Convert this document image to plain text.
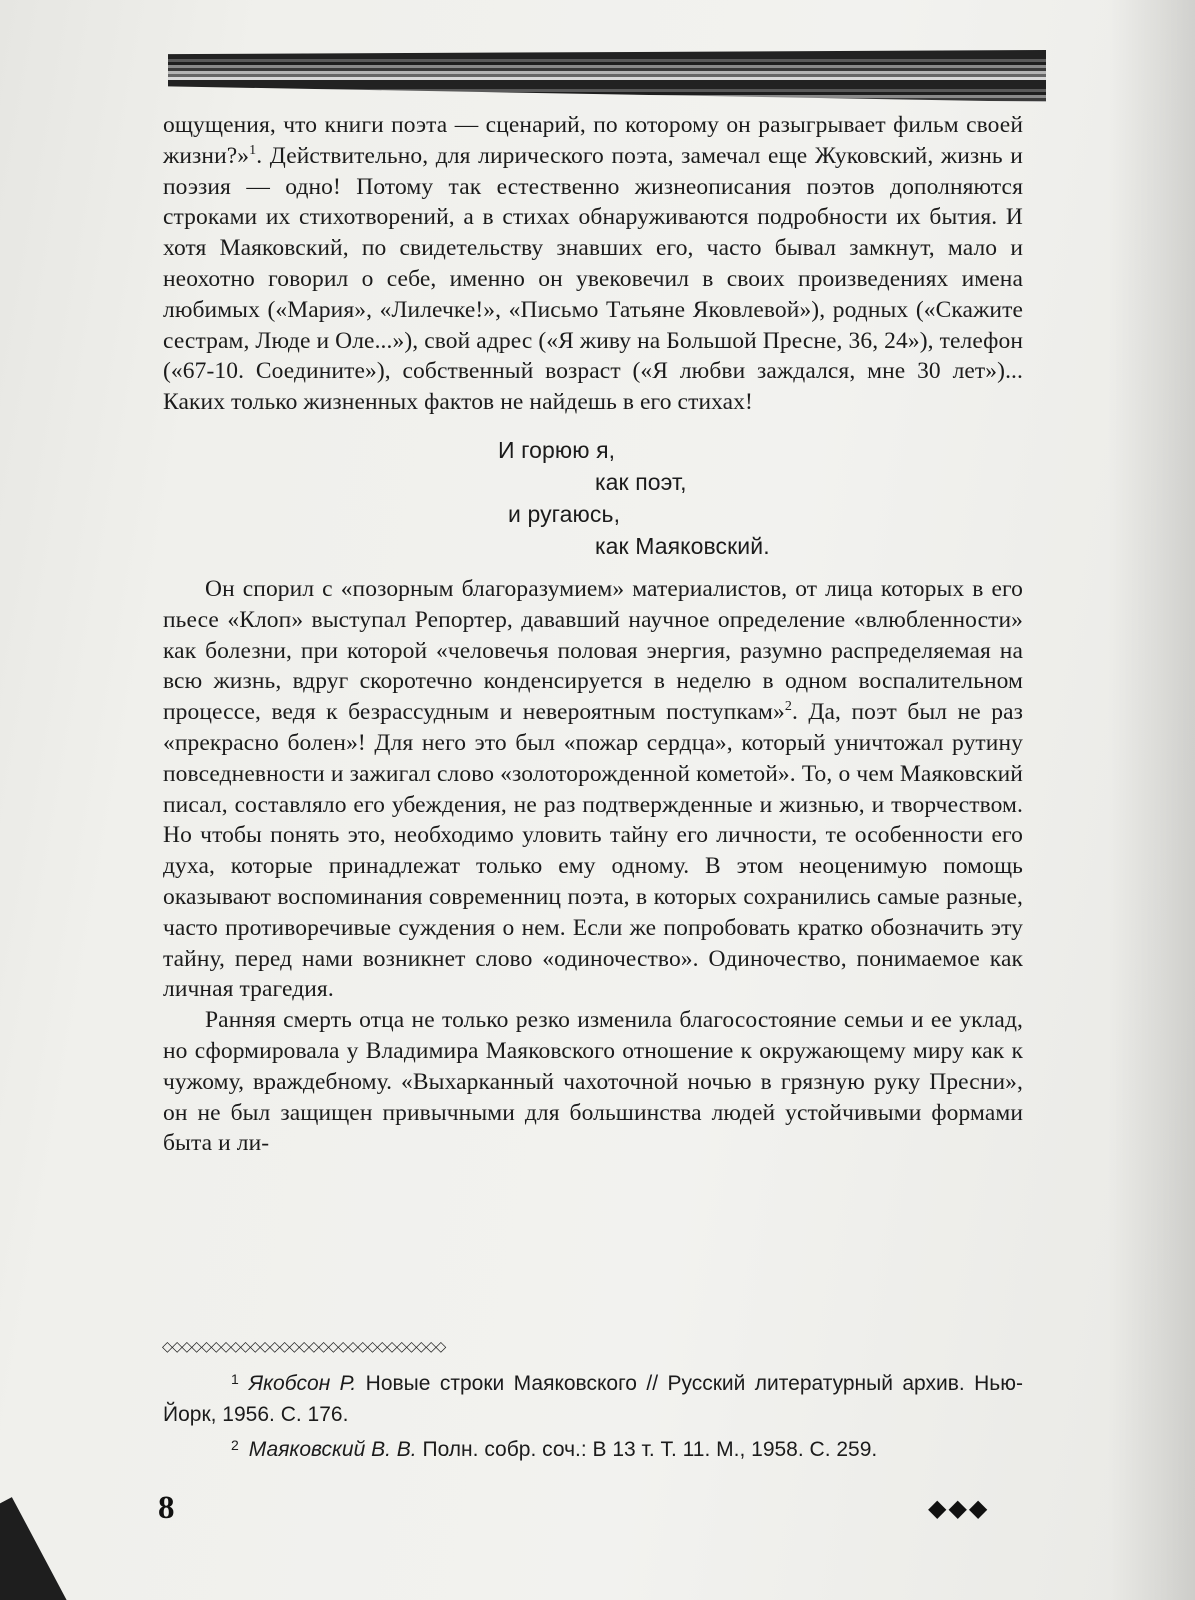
ощущения, что книги поэта — сценарий, по которому он разыгрывает фильм своей жизни?»$^1$. Действительно, для лирического поэта, замечал еще Жуковский, жизнь и поэзия — одно! Потому так естественно жизнеописания поэтов дополняются строками их стихотворений, а в стихах обнаруживаются подробности их бытия. И хотя Маяковский, по свидетельству знавших его, часто бывал замкнут, мало и неохотно говорил о себе, именно он увековечил в своих произведениях имена любимых («Мария», «Лилечке!», «Письмо Татьяне Яковлевой»), родных («Скажите сестрам, Люде и Оле...»), свой адрес («Я живу на Большой Пресне, 36, 24»), телефон («67-10. Соедините»), собственный возраст («Я любви заждался, мне 30 лет»)... Каких только жизненных фактов не найдешь в его стихах!

И горюю я,
как поэт,
и ругаюсь,
как Маяковский.

Он спорил с «позорным благоразумием» материалистов, от лица которых в его пьесе «Клоп» выступал Репортер, дававший научное определение «влюбленности» как болезни, при которой «человечья половая энергия, разумно распределяемая на всю жизнь, вдруг скоротечно конденсируется в неделю в одном воспалительном процессе, ведя к безрассудным и невероятным поступкам»$^2$. Да, поэт был не раз «прекрасно болен»! Для него это был «пожар сердца», который уничтожал рутину повседневности и зажигал слово «золоторожденной кометой». То, о чем Маяковский писал, составляло его убеждения, не раз подтвержденные и жизнью, и творчеством. Но чтобы понять это, необходимо уловить тайну его личности, те особенности его духа, которые принадлежат только ему одному. В этом неоценимую помощь оказывают воспоминания современниц поэта, в которых сохранились самые разные, часто противоречивые суждения о нем. Если же попробовать кратко обозначить эту тайну, перед нами возникнет слово «одиночество». Одиночество, понимаемое как личная трагедия.

Ранняя смерть отца не только резко изменила благосостояние семьи и ее уклад, но сформировала у Владимира Маяковского отношение к окружающему миру как к чужому, враждебному. «Выхарканный чахоточной ночью в грязную руку Пресни», он не был защищен привычными для большинства людей устойчивыми формами быта и ли-

◇◇◇◇◇◇◇◇◇◇◇◇◇◇◇◇◇◇◇◇◇◇◇◇◇◇◇◇◇

$^1$ Якобсон Р. Новые строки Маяковского // Русский литературный архив. Нью-Йорк, 1956. С. 176.

$^2$ Маяковский В. В. Полн. собр. соч.: В 13 т. Т. 11. М., 1958. С. 259.

8	◆◆◆
